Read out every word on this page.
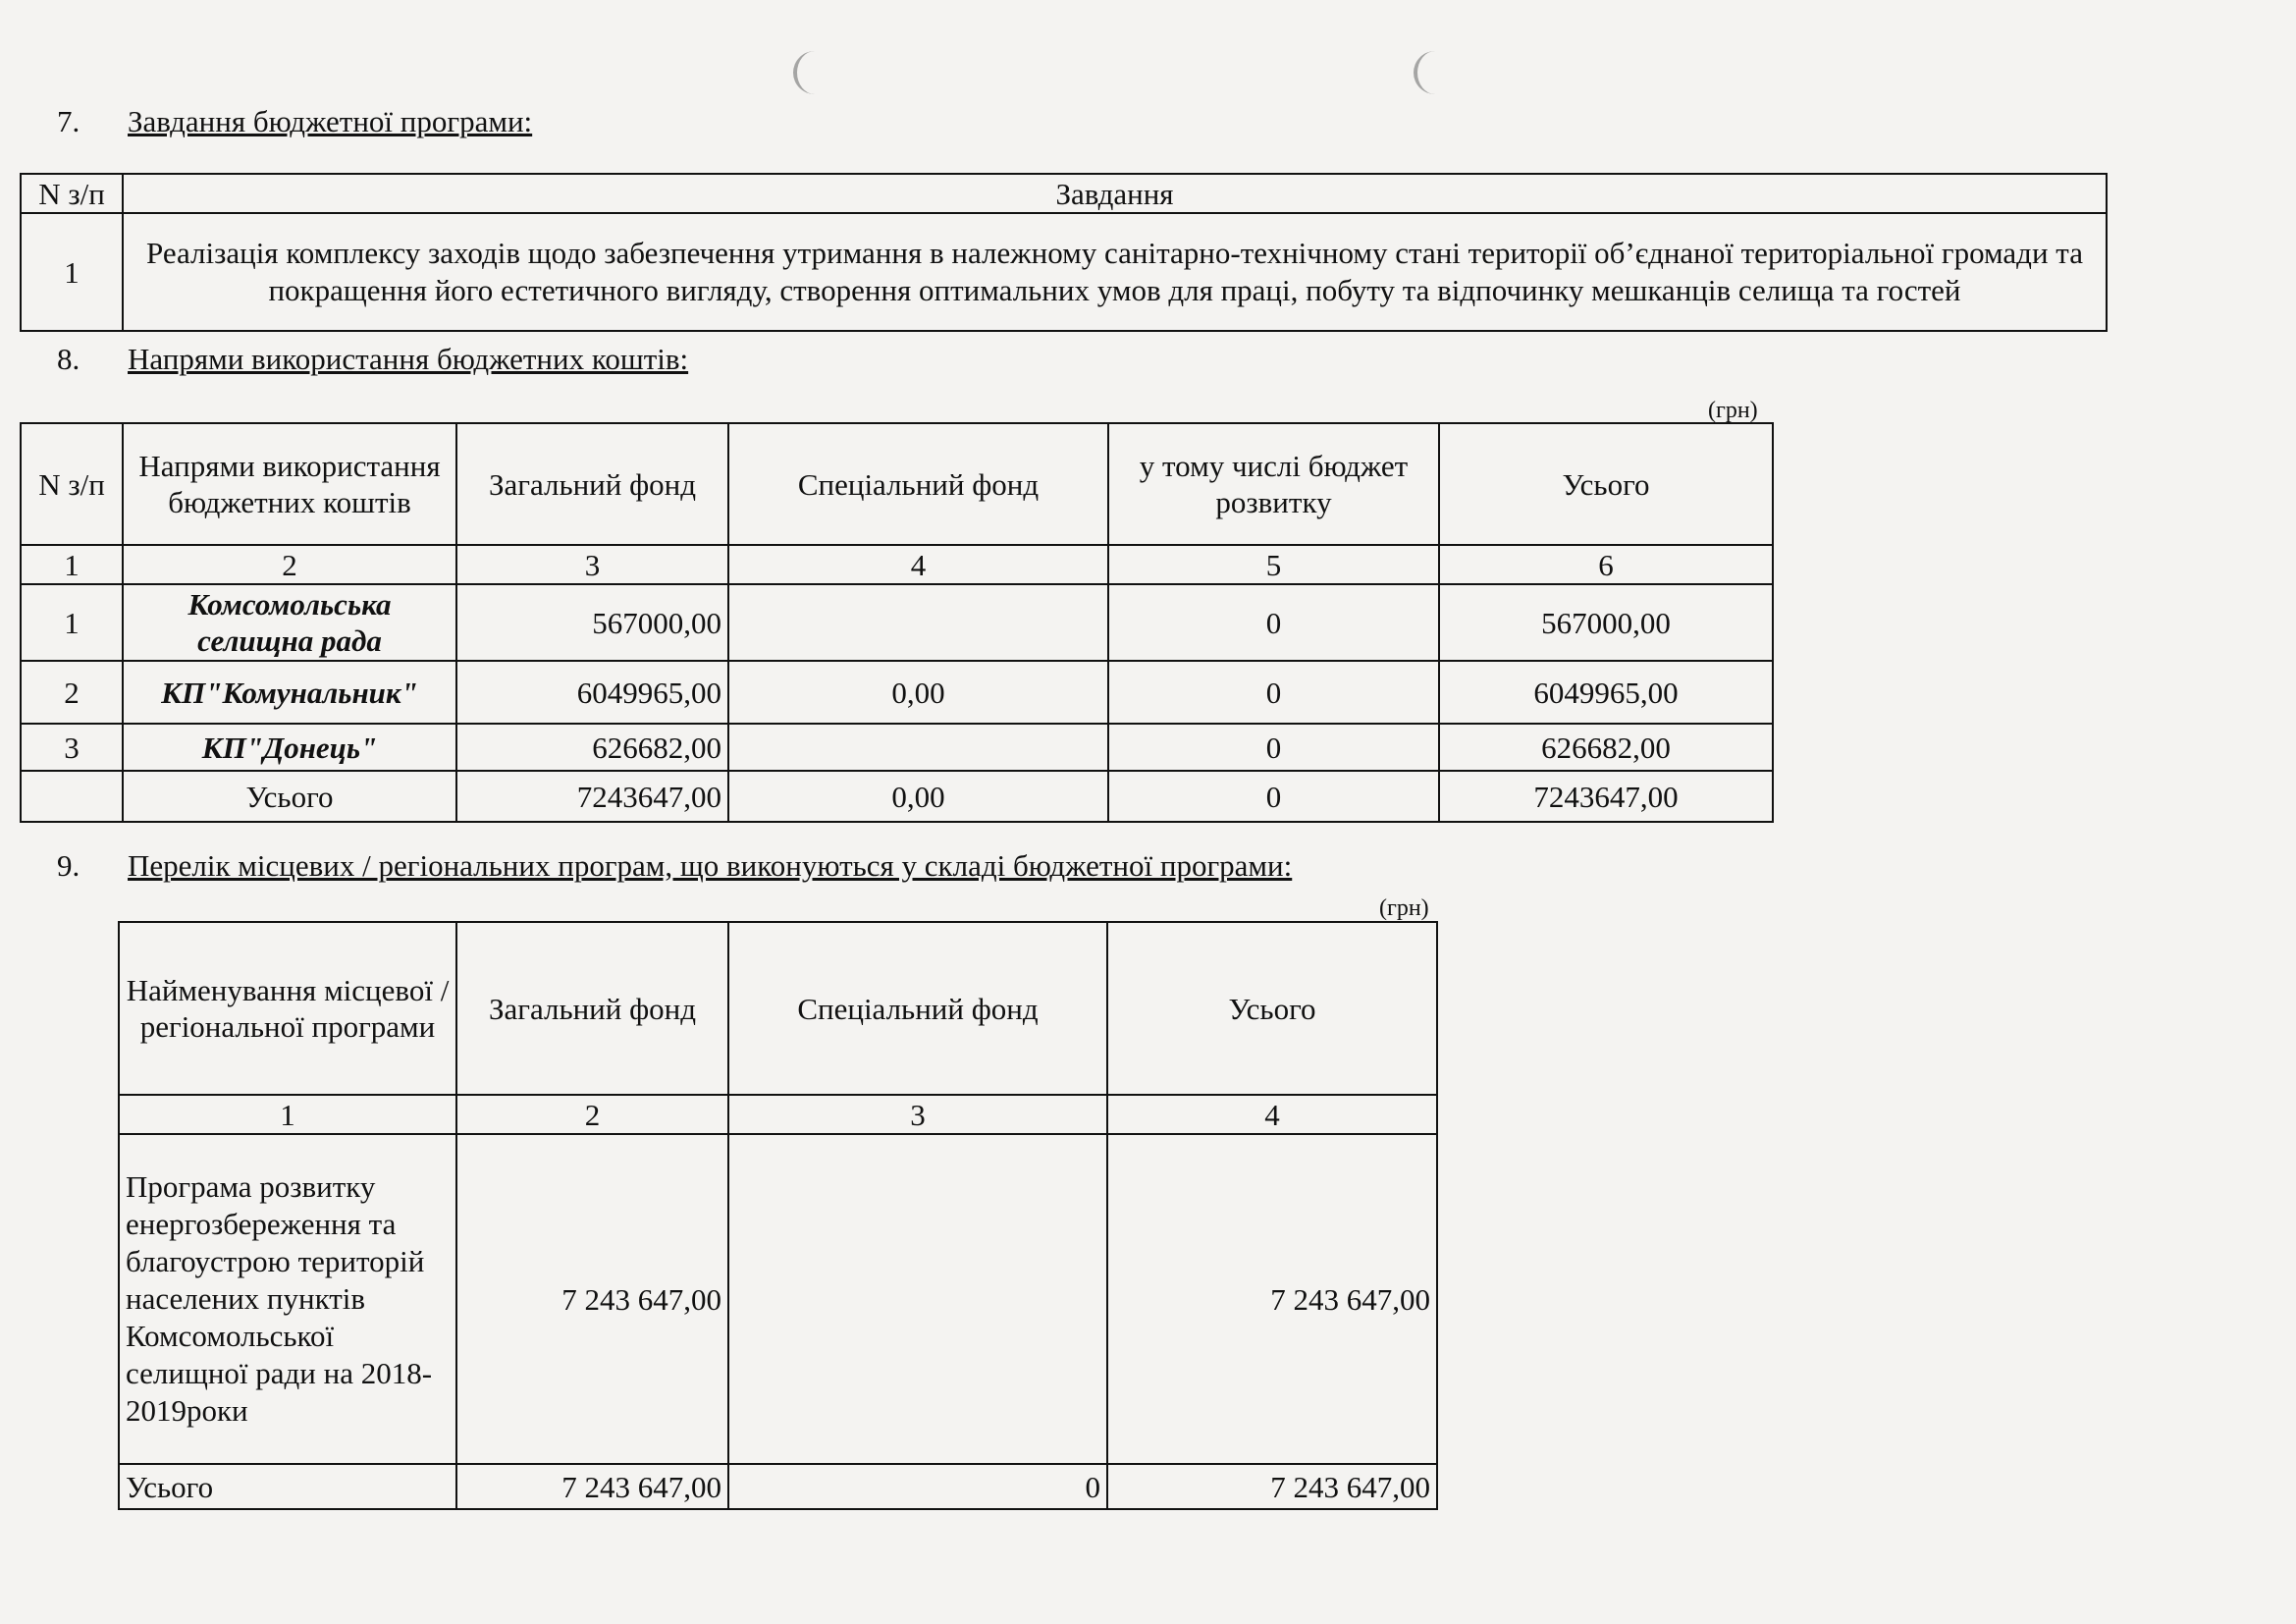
7. Завдання бюджетної програми:
N з/п	Завдання
1	Реалізація комплексу заходів щодо забезпечення утримання в належному санітарно-технічному стані території об’єднаної територіальної громади та покращення його естетичного вигляду, створення оптимальних умов для праці, побуту та відпочинку мешканців селища та гостей
8. Напрями використання бюджетних коштів:
(грн)
N з/п	Напрями використання бюджетних коштів	Загальний фонд	Спеціальний фонд	у тому числі бюджет розвитку	Усього
1	2	3	4	5	6
1	Комсомольська селищна рада	567000,00		0	567000,00
2	КП"Комунальник"	6049965,00	0,00	0	6049965,00
3	КП"Донець"	626682,00		0	626682,00
	Усього	7243647,00	0,00	0	7243647,00
9. Перелік місцевих / регіональних програм, що виконуються у складі бюджетної програми:
(грн)
Найменування місцевої / регіональної програми	Загальний фонд	Спеціальний фонд	Усього
1	2	3	4
Програма розвитку енергозбереження та благоустрою територій населених пунктів Комсомольської селищної ради на 2018-2019роки	7 243 647,00		7 243 647,00
Усього	7 243 647,00	0	7 243 647,00
